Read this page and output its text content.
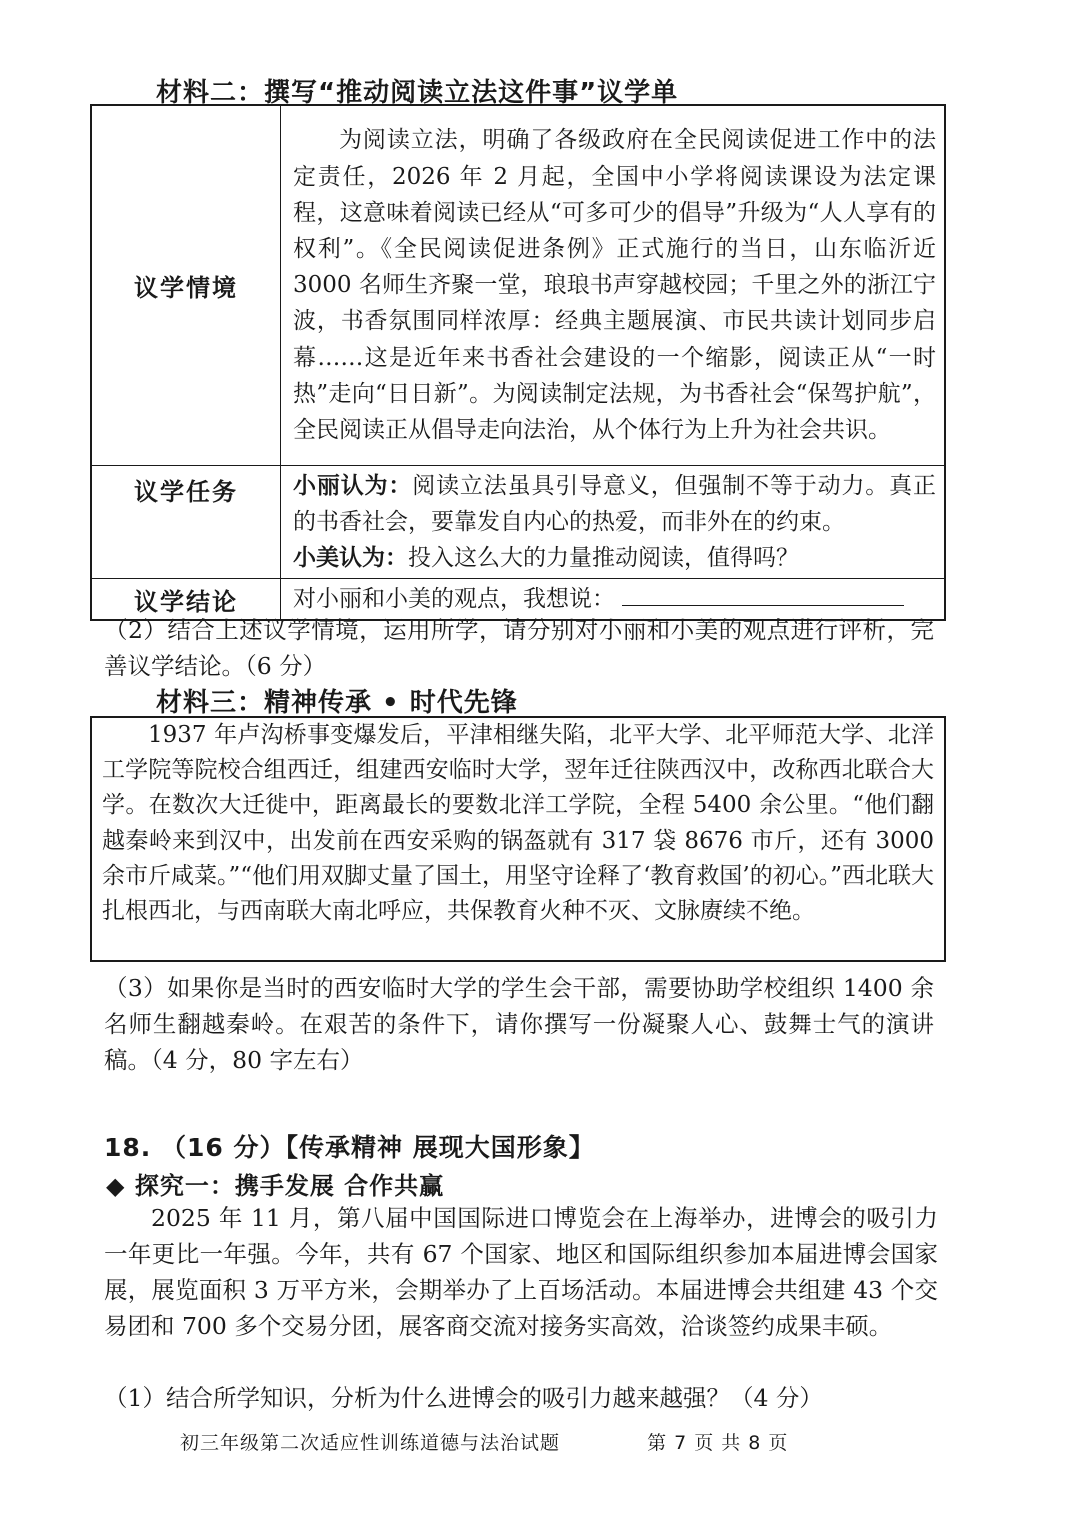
材料二：撰写“推动阅读立法这件事”议学单
议学情境	为阅读立法，明确了各级政府在全民阅读促进工作中的法定责任，2026 年 2 月起，全国中小学将阅读课设为法定课程，这意味着阅读已经从“可多可少的倡导”升级为“人人享有的权利”。《全民阅读促进条例》正式施行的当日，山东临沂近 3000 名师生齐聚一堂，琅琅书声穿越校园；千里之外的浙江宁波，书香氛围同样浓厚：经典主题展演、市民共读计划同步启幕……这是近年来书香社会建设的一个缩影，阅读正从“一时热”走向“日日新”。为阅读制定法规，为书香社会“保驾护航”，全民阅读正从倡导走向法治，从个体行为上升为社会共识。
议学任务	小丽认为：阅读立法虽具引导意义，但强制不等于动力。真正的书香社会，要靠发自内心的热爱，而非外在的约束。
小美认为：投入这么大的力量推动阅读，值得吗？
议学结论	对小丽和小美的观点，我想说：
（2）结合上述议学情境，运用所学，请分别对小丽和小美的观点进行评析，完善议学结论。（6 分）
材料三：精神传承 • 时代先锋
1937 年卢沟桥事变爆发后，平津相继失陷，北平大学、北平师范大学、北洋工学院等院校合组西迁，组建西安临时大学，翌年迁往陕西汉中，改称西北联合大学。在数次大迁徙中，距离最长的要数北洋工学院，全程 5400 余公里。“他们翻越秦岭来到汉中，出发前在西安采购的锅盔就有 317 袋 8676 市斤，还有 3000 余市斤咸菜。”“他们用双脚丈量了国土，用坚守诠释了‘教育救国’的初心。”西北联大扎根西北，与西南联大南北呼应，共保教育火种不灭、文脉赓续不绝。
（3）如果你是当时的西安临时大学的学生会干部，需要协助学校组织 1400 余名师生翻越秦岭。在艰苦的条件下，请你撰写一份凝聚人心、鼓舞士气的演讲稿。（4 分，80 字左右）
18. （16 分）【传承精神 展现大国形象】
◆ 探究一：携手发展 合作共赢
2025 年 11 月，第八届中国国际进口博览会在上海举办，进博会的吸引力一年更比一年强。今年，共有 67 个国家、地区和国际组织参加本届进博会国家展，展览面积 3 万平方米，会期举办了上百场活动。本届进博会共组建 43 个交易团和 700 多个交易分团，展客商交流对接务实高效，洽谈签约成果丰硕。
（1）结合所学知识，分析为什么进博会的吸引力越来越强？（4 分）
初三年级第二次适应性训练道德与法治试题	第 7 页 共 8 页
